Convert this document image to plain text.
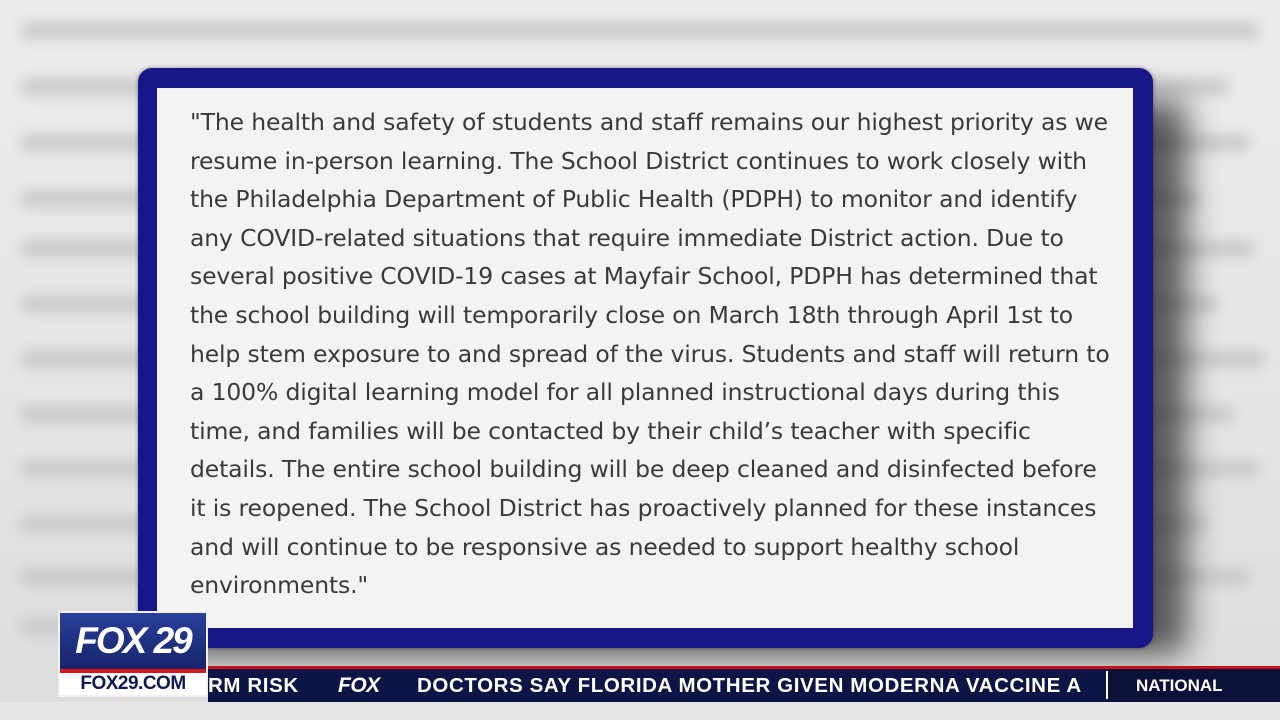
"The health and safety of students and staff remains our highest priority as we resume in-person learning. The School District continues to work closely with the Philadelphia Department of Public Health (PDPH) to monitor and identify any COVID-related situations that require immediate District action. Due to several positive COVID-19 cases at Mayfair School, PDPH has determined that the school building will temporarily close on March 18th through April 1st to help stem exposure to and spread of the virus. Students and staff will return to a 100% digital learning model for all planned instructional days during this time, and families will be contacted by their child’s teacher with specific details. The entire school building will be deep cleaned and disinfected before it is reopened. The School District has proactively planned for these instances and will continue to be responsive as needed to support healthy school environments."

RM RISK FOX DOCTORS SAY FLORIDA MOTHER GIVEN MODERNA VACCINE A	NATIONAL
FOX 29
FOX29.COM
